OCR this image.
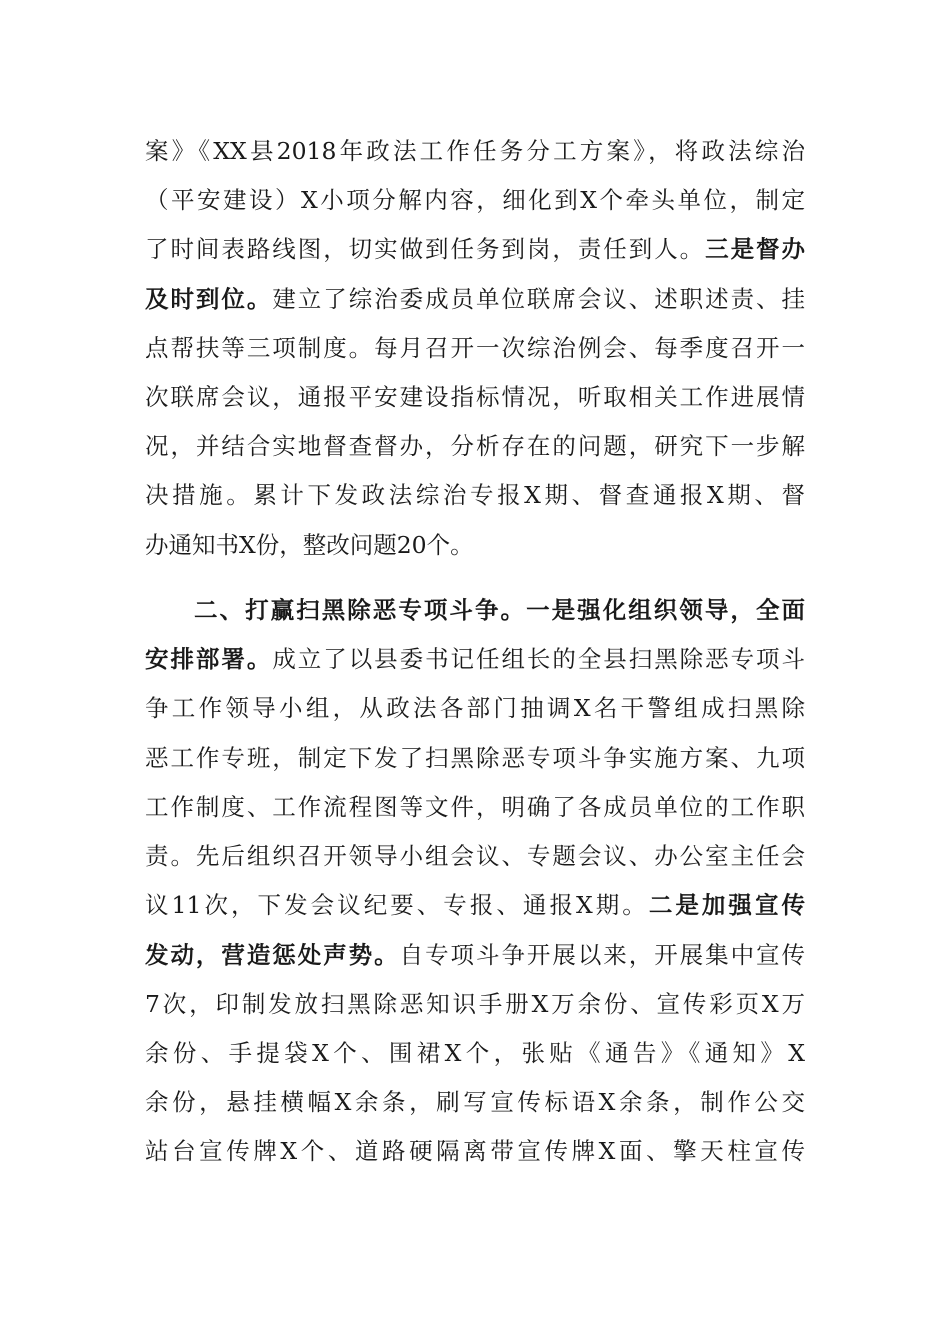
案》《XX县2018年政法工作任务分工方案》，将政法综治
（平安建设）X小项分解内容，细化到X个牵头单位，制定
了时间表路线图，切实做到任务到岗，责任到人。三是督办
及时到位。建立了综治委成员单位联席会议、述职述责、挂
点帮扶等三项制度。每月召开一次综治例会、每季度召开一
次联席会议，通报平安建设指标情况，听取相关工作进展情
况，并结合实地督查督办，分析存在的问题，研究下一步解
决措施。累计下发政法综治专报X期、督查通报X期、督
办通知书X份，整改问题20个。
二、打赢扫黑除恶专项斗争。一是强化组织领导，全面
安排部署。成立了以县委书记任组长的全县扫黑除恶专项斗
争工作领导小组，从政法各部门抽调X名干警组成扫黑除
恶工作专班，制定下发了扫黑除恶专项斗争实施方案、九项
工作制度、工作流程图等文件，明确了各成员单位的工作职
责。先后组织召开领导小组会议、专题会议、办公室主任会
议11次，下发会议纪要、专报、通报X期。二是加强宣传
发动，营造惩处声势。自专项斗争开展以来，开展集中宣传
7次，印制发放扫黑除恶知识手册X万余份、宣传彩页X万
余份、手提袋X个、围裙X个，张贴《通告》《通知》X
余份，悬挂横幅X余条，刷写宣传标语X余条，制作公交
站台宣传牌X个、道路硬隔离带宣传牌X面、擎天柱宣传
